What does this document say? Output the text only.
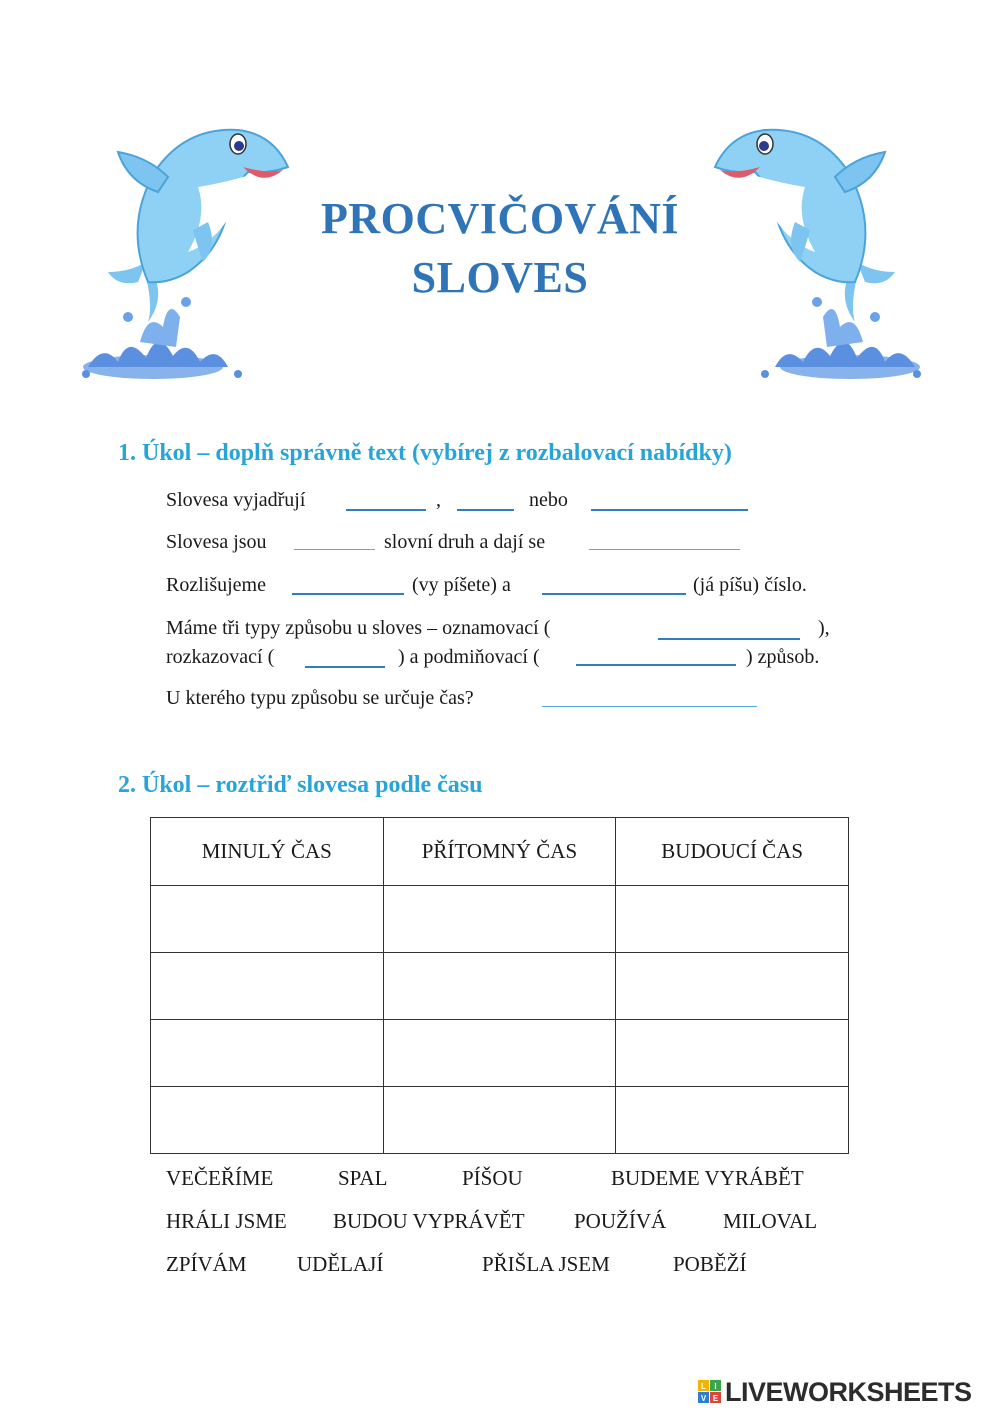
PROCVIČOVÁNÍ
SLOVES
1. Úkol – doplň správně text (vybírej z rozbalovací nabídky)
Slovesa vyjadřují	,	nebo
Slovesa jsou	slovní druh a dají se
Rozlišujeme	(vy píšete) a	(já píšu) číslo.
Máme tři typy způsobu u sloves – oznamovací (	),
rozkazovací (	) a podmiňovací (	) způsob.
U kterého typu způsobu se určuje čas?
2. Úkol – roztřiď slovesa podle času
MINULÝ ČAS	PŘÍTOMNÝ ČAS	BUDOUCÍ ČAS

VEČEŘÍME	SPAL	PÍŠOU	BUDEME VYRÁBĚT
HRÁLI JSME BUDOU VYPRÁVĚT POUŽÍVÁ	MILOVAL
ZPÍVÁM UDĚLAJÍ	PŘIŠLA JSEM	POBĚŽÍ
L I
V E LIVEWORKSHEETS
